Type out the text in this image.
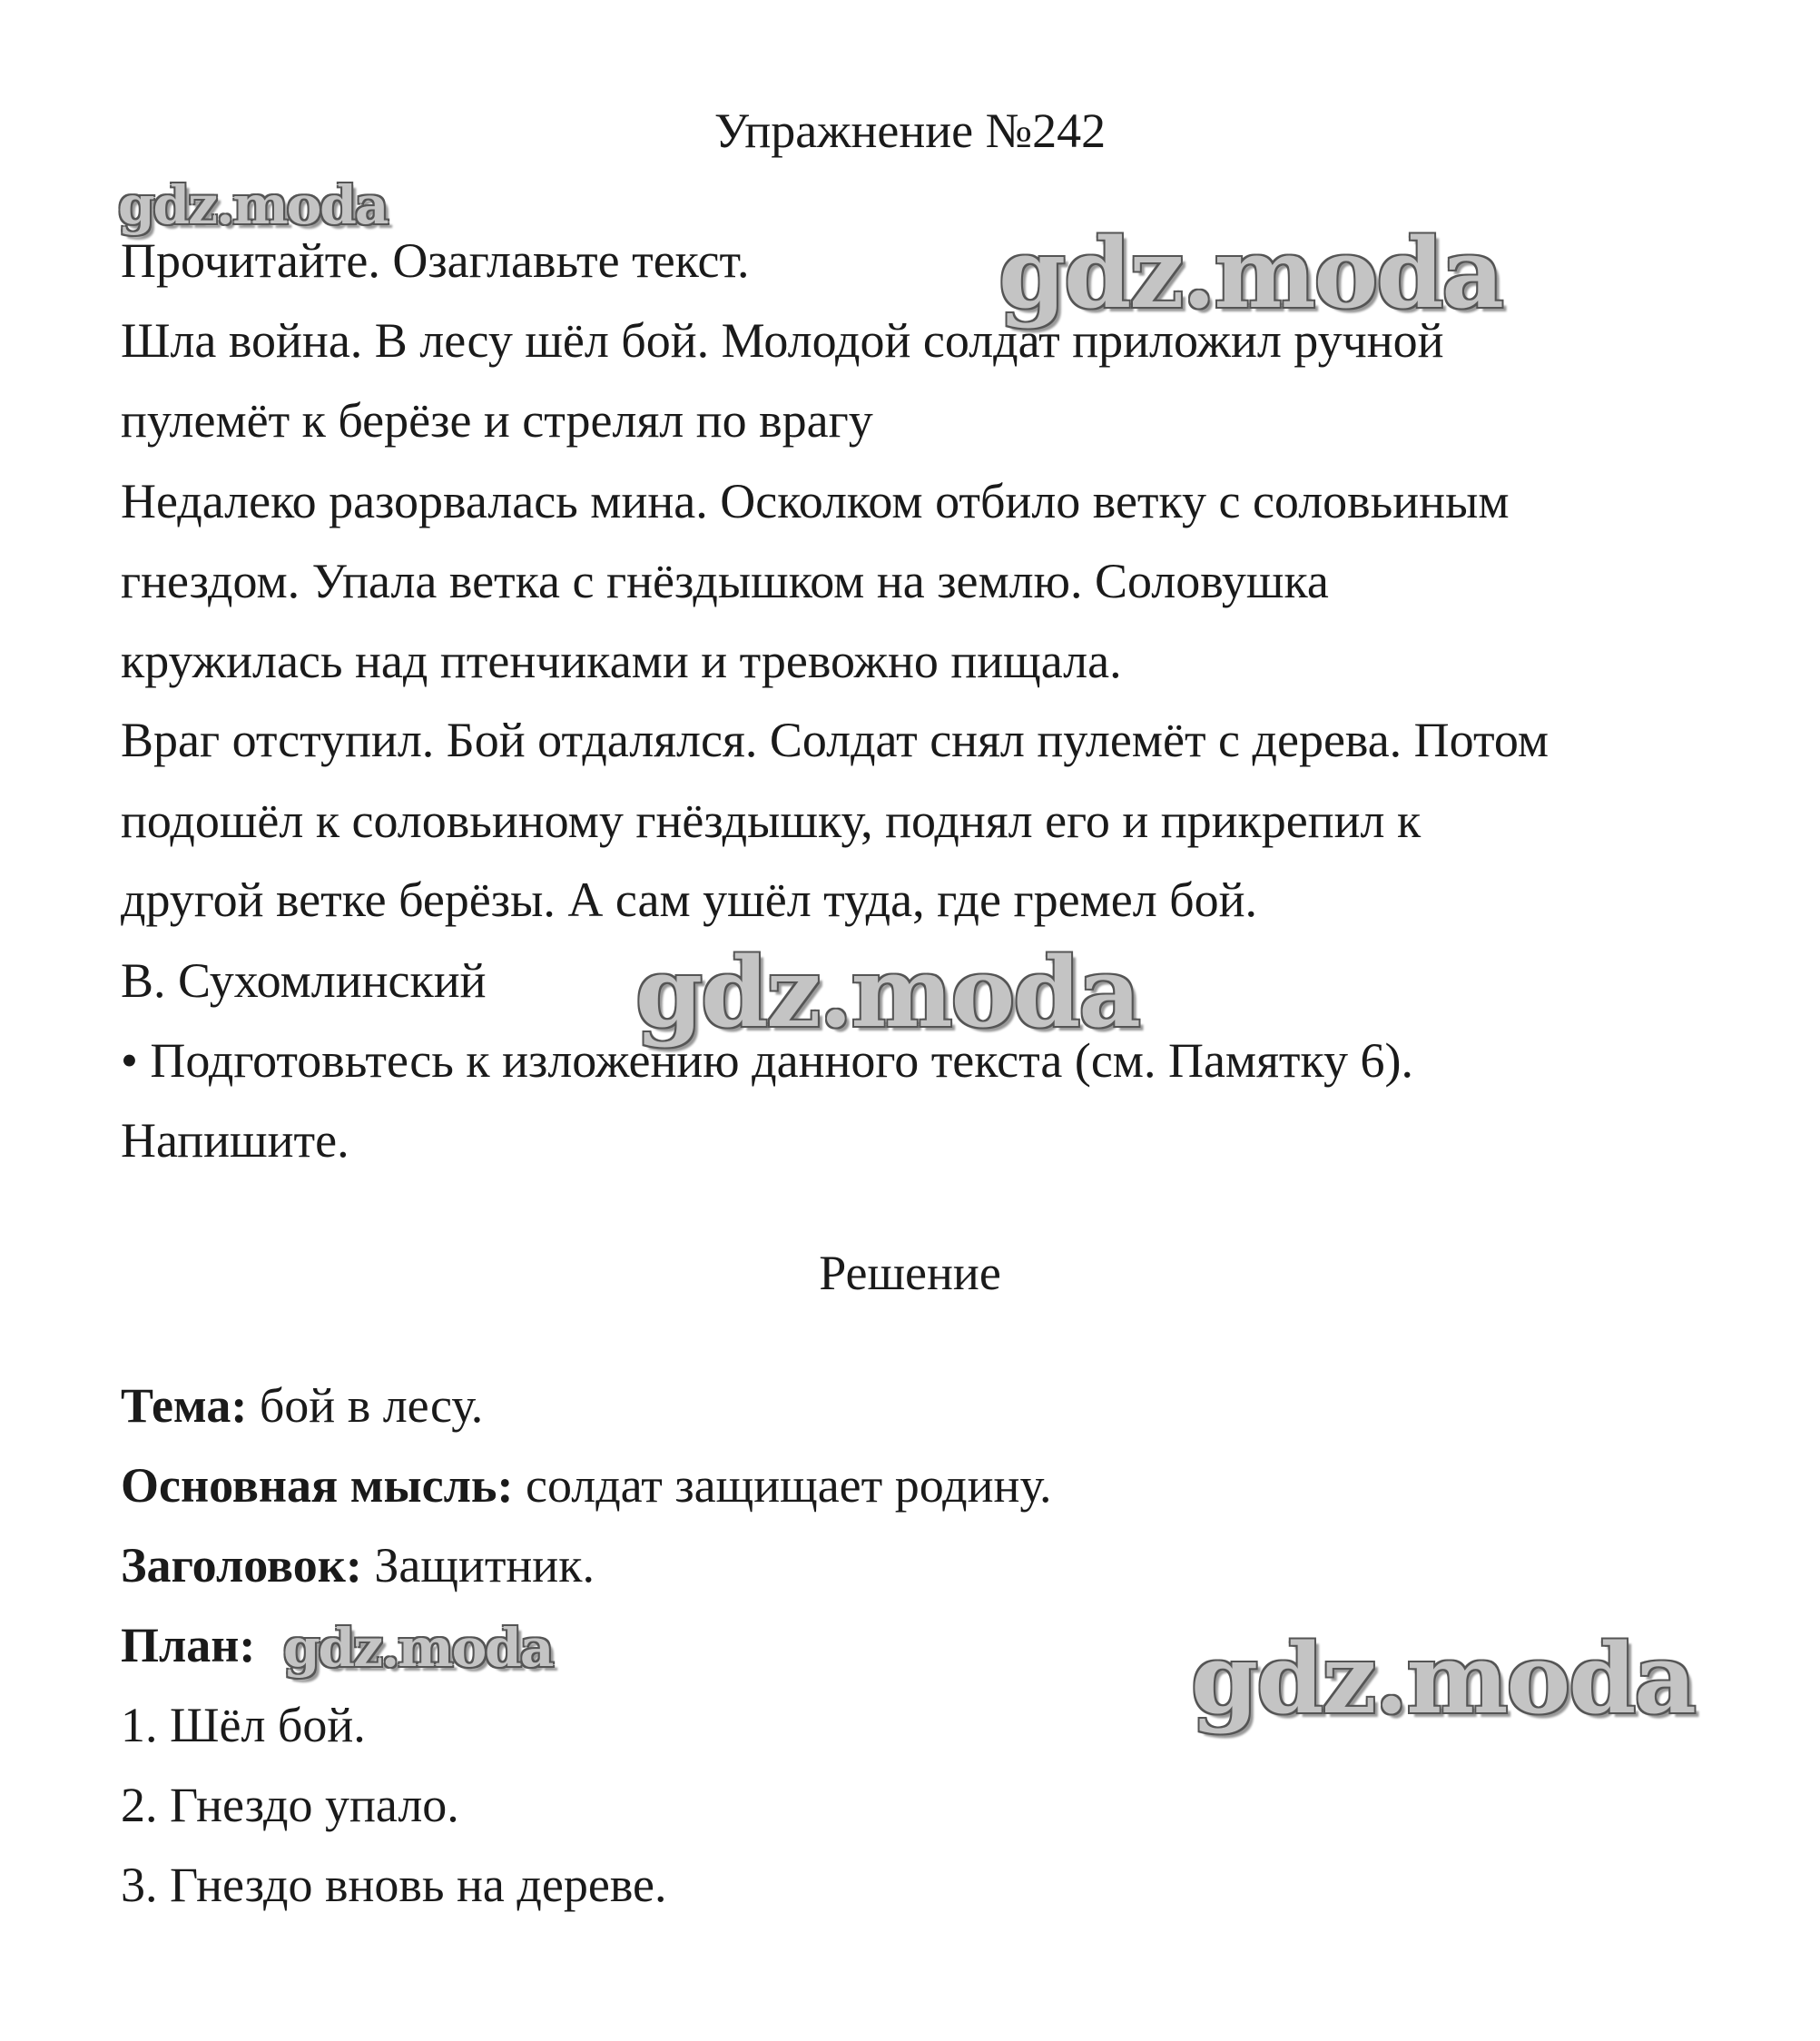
Упражнение №242
gdz.moda
Прочитайте. Озаглавьте текст.
Шла война. В лесу шёл бой. Молодой солдат приложил ручной
пулемёт к берёзе и стрелял по врагу
Недалеко разорвалась мина. Осколком отбило ветку с соловьиным
гнездом. Упала ветка с гнёздышком на землю. Соловушка
кружилась над птенчиками и тревожно пищала.
Враг отступил. Бой отдалялся. Солдат снял пулемёт с дерева. Потом
подошёл к соловьиному гнёздышку, поднял его и прикрепил к
другой ветке берёзы. А сам ушёл туда, где гремел бой.
В. Сухомлинский
• Подготовьтесь к изложению данного текста (см. Памятку 6).
Напишите.
gdz.moda
gdz.moda
Решение
Тема: бой в лесу.
Основная мысль: солдат защищает родину.
Заголовок: Защитник.
План: gdz.moda	gdz.moda
1. Шёл бой.
2. Гнездо упало.
3. Гнездо вновь на дереве.
